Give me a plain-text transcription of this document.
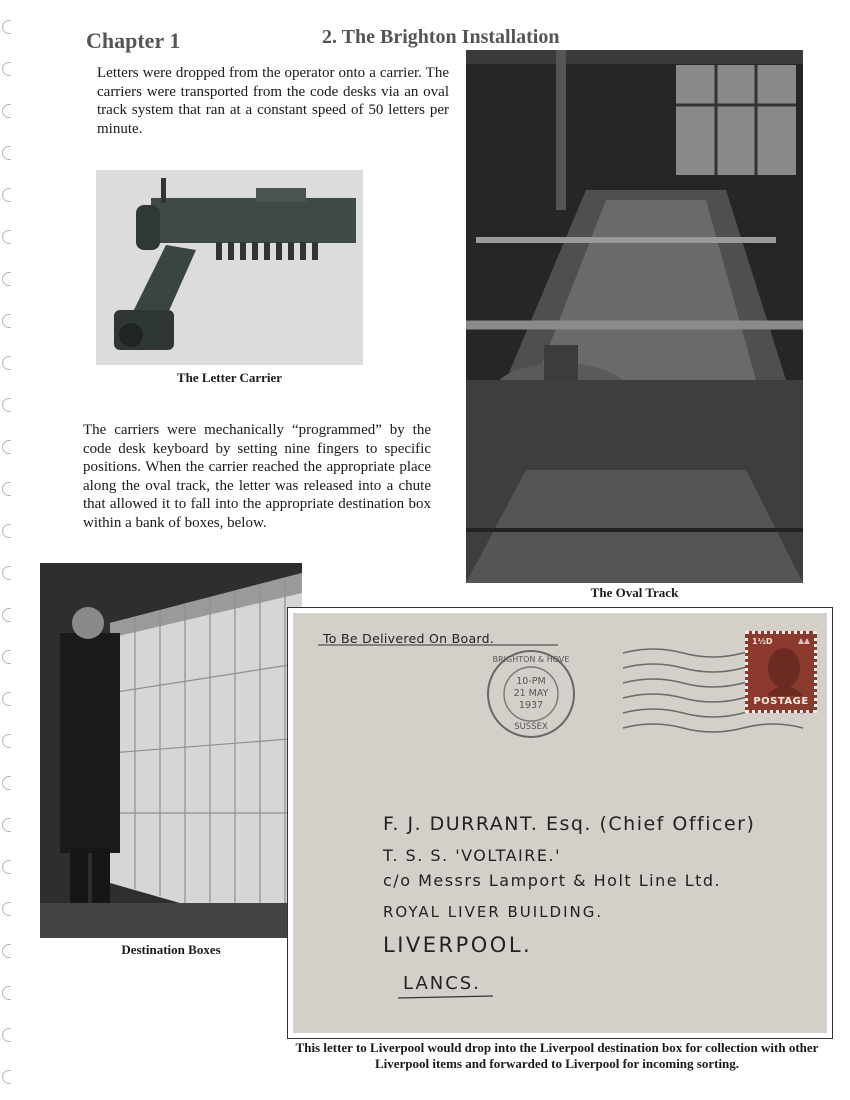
Chapter 1	2. The Brighton Installation

Letters were dropped from the operator onto a carrier. The carriers were transported from the code desks via an oval track system that ran at a constant speed of 50 letters per minute.

The Letter Carrier
The Oval Track

The carriers were mechanically “programmed” by the code desk keyboard by setting nine fingers to specific positions. When the carrier reached the appropriate place along the oval track, the letter was released into a chute that allowed it to fall into the appropriate destination box within a bank of boxes, below.

Destination Boxes
To Be Delivered On Board.
BRIGHTON & HOVE
10-PM
21 MAY
1937
SUSSEX
1½D
POSTAGE
F. J. DURRANT. Esq. (Chief Officer)
T. S. S. 'VOLTAIRE.'
c/o Messrs Lamport & Holt Line Ltd.
ROYAL LIVER BUILDING.
LIVERPOOL.
LANCS.
This letter to Liverpool would drop into the Liverpool destination box for collection with other Liverpool items and forwarded to Liverpool for incoming sorting.
